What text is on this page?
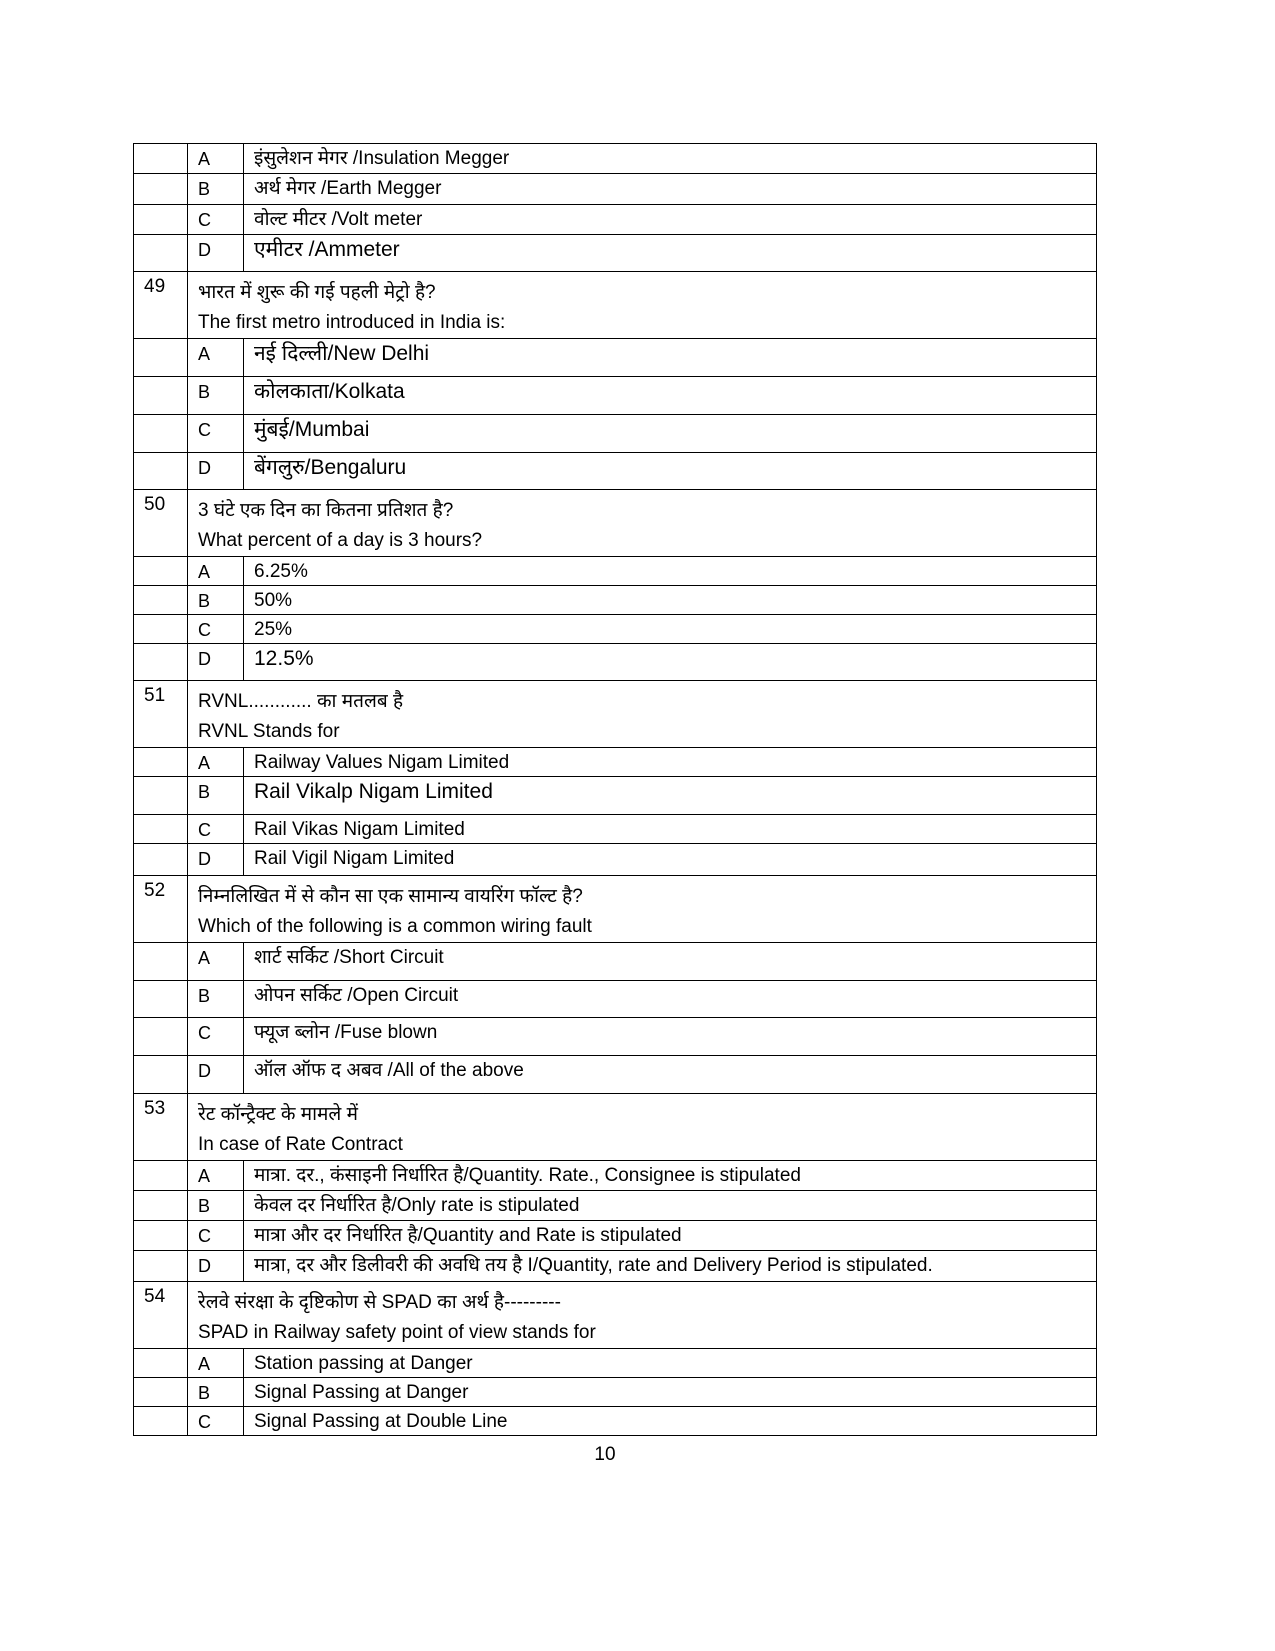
	A	इंसुलेशन मेगर /Insulation Megger
	B	अर्थ मेगर /Earth Megger
	C	वोल्ट मीटर /Volt meter
	D	एमीटर /Ammeter
49	भारत में शुरू की गई पहली मेट्रो है?
The first metro introduced in India is:	

	A	नई दिल्ली/New Delhi
	B	कोलकाता/Kolkata
	C	मुंबई/Mumbai
	D	बेंगलुरु/Bengaluru
50	3 घंटे एक दिन का कितना प्रतिशत है?
What percent of a day is 3 hours?	

	A	6.25%
	B	50%
	C	25%
	D	12.5%
51	RVNL............ का मतलब है
RVNL Stands for	

	A	Railway Values Nigam Limited
	B	Rail Vikalp Nigam Limited
	C	Rail Vikas Nigam Limited
	D	Rail Vigil Nigam Limited
52	निम्नलिखित में से कौन सा एक सामान्य वायरिंग फॉल्ट है?
Which of the following is a common wiring fault	

	A	शार्ट सर्किट /Short Circuit
	B	ओपन सर्किट /Open Circuit
	C	फ्यूज ब्लोन /Fuse blown
	D	ऑल ऑफ द अबव /All of the above
53	रेट कॉन्ट्रैक्ट के मामले में
In case of Rate Contract	

	A	मात्रा. दर., कंसाइनी निर्धारित है/Quantity. Rate., Consignee is stipulated
	B	केवल दर निर्धारित है/Only rate is stipulated
	C	मात्रा और दर निर्धारित है/Quantity and Rate is stipulated
	D	मात्रा, दर और डिलीवरी की अवधि तय है I/Quantity, rate and Delivery Period is stipulated.
54	रेलवे संरक्षा के दृष्टिकोण से SPAD का अर्थ है---------
SPAD in Railway safety point of view stands for	

	A	Station passing at Danger
	B	Signal Passing at Danger
	C	Signal Passing at Double Line
10
